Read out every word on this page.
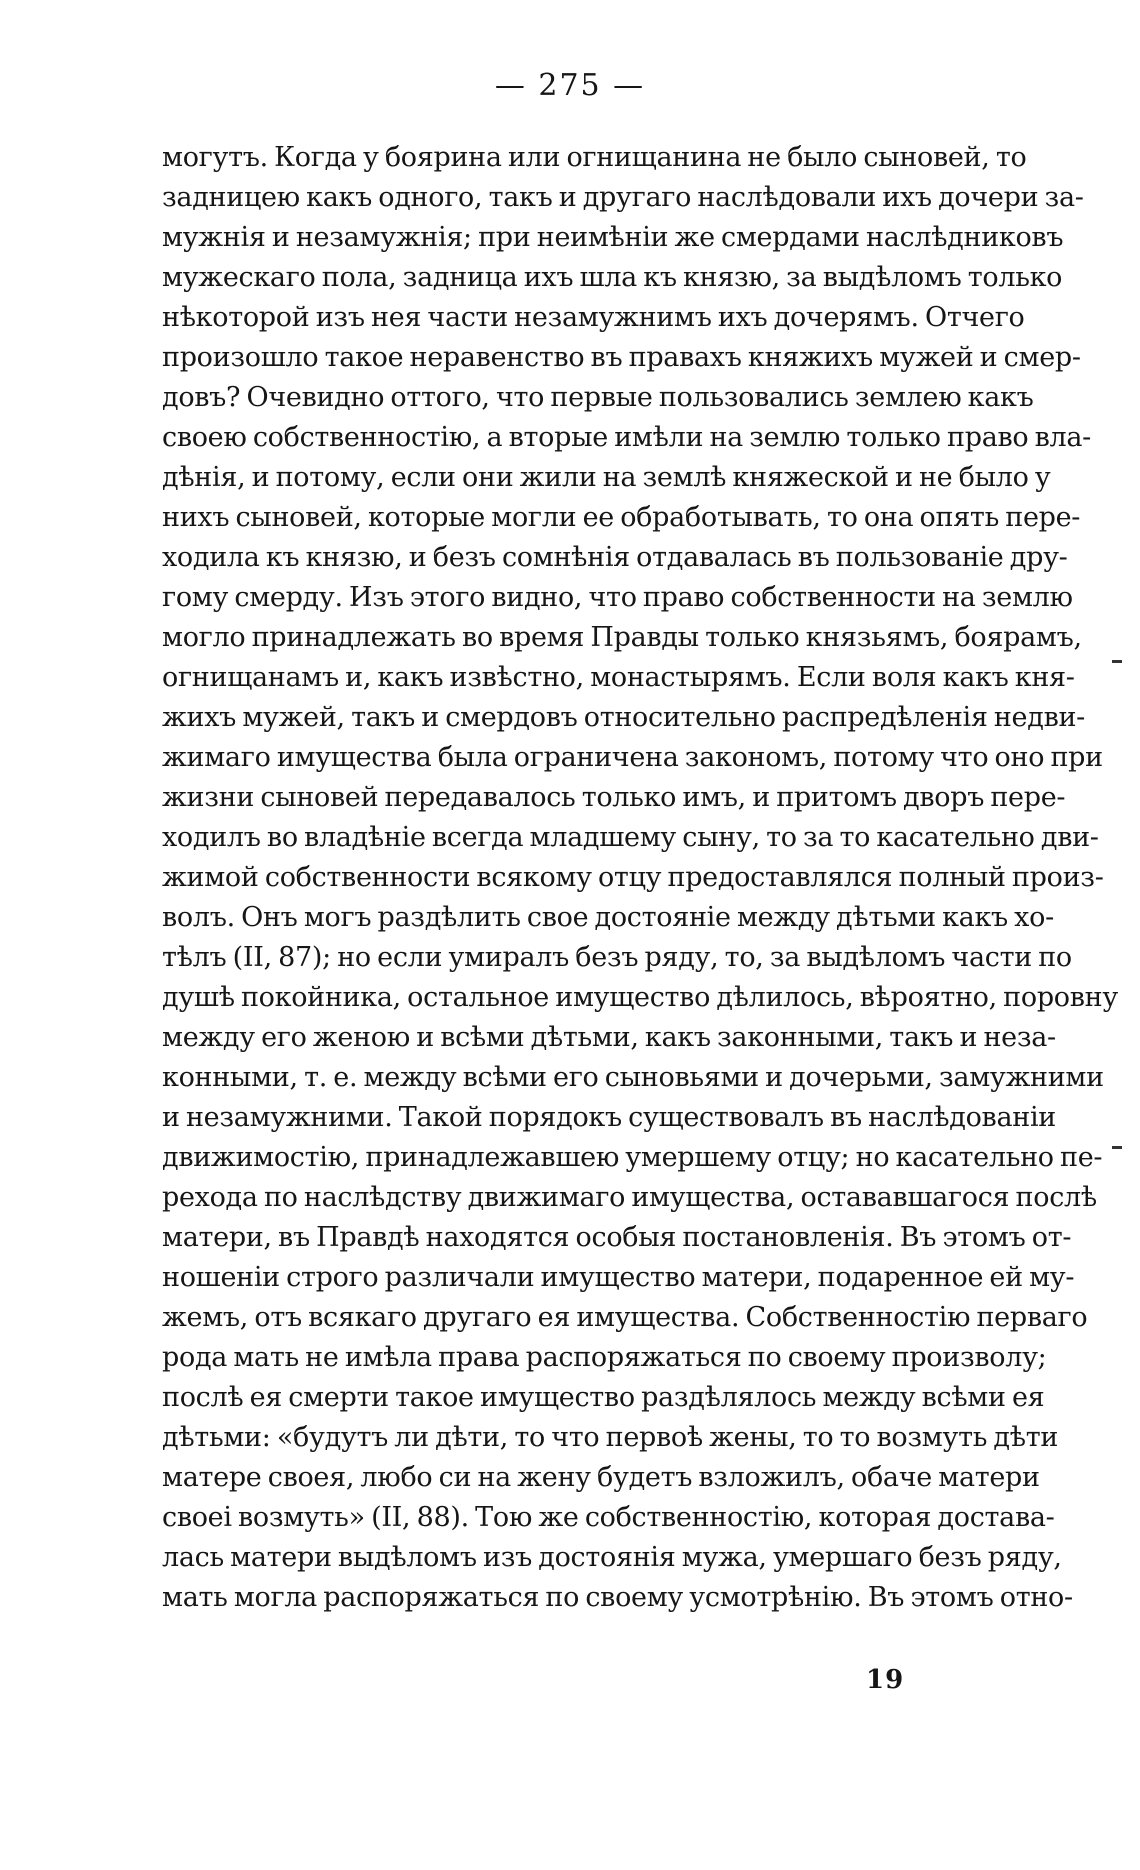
— 275 —
могутъ. Когда у боярина или огнищанина не было сыновей, то
задницею какъ одного, такъ и другаго наслѣдовали ихъ дочери за-
мужнія и незамужнія; при неимѣніи же смердами наслѣдниковъ
мужескаго пола, задница ихъ шла къ князю, за выдѣломъ только
нѣкоторой изъ нея части незамужнимъ ихъ дочерямъ. Отчего
произошло такое неравенство въ правахъ княжихъ мужей и смер-
довъ? Очевидно оттого, что первые пользовались землею какъ
своею собственностію, а вторые имѣли на землю только право вла-
дѣнія, и потому, если они жили на землѣ княжеской и не было у
нихъ сыновей, которые могли ее обработывать, то она опять пере-
ходила къ князю, и безъ сомнѣнія отдавалась въ пользованіе дру-
гому смерду. Изъ этого видно, что право собственности на землю
могло принадлежать во время Правды только князьямъ, боярамъ,
огнищанамъ и, какъ извѣстно, монастырямъ. Если воля какъ кня-
жихъ мужей, такъ и смердовъ относительно распредѣленія недви-
жимаго имущества была ограничена закономъ, потому что оно при
жизни сыновей передавалось только имъ, и притомъ дворъ пере-
ходилъ во владѣніе всегда младшему сыну, то за то касательно дви-
жимой собственности всякому отцу предоставлялся полный произ-
волъ. Онъ могъ раздѣлить свое достояніе между дѣтьми какъ хо-
тѣлъ (II, 87); но если умиралъ безъ ряду, то, за выдѣломъ части по
душѣ покойника, остальное имущество дѣлилось, вѣроятно, поровну
между его женою и всѣми дѣтьми, какъ законными, такъ и неза-
конными, т. е. между всѣми его сыновьями и дочерьми, замужними
и незамужними. Такой порядокъ существовалъ въ наслѣдованіи
движимостію, принадлежавшею умершему отцу; но касательно пе-
рехода по наслѣдству движимаго имущества, остававшагося послѣ
матери, въ Правдѣ находятся особыя постановленія. Въ этомъ от-
ношеніи строго различали имущество матери, подаренное ей му-
жемъ, отъ всякаго другаго ея имущества. Собственностію перваго
рода мать не имѣла права распоряжаться по своему произволу;
послѣ ея смерти такое имущество раздѣлялось между всѣми ея
дѣтьми: «будутъ ли дѣти, то что первоѣ жены, то то возмуть дѣти
матере своея, любо си на жену будетъ взложилъ, обаче матери
своеі возмуть» (II, 88). Тою же собственностію, которая достава-
лась матери выдѣломъ изъ достоянія мужа, умершаго безъ ряду,
мать могла распоряжаться по своему усмотрѣнію. Въ этомъ отно-
19
